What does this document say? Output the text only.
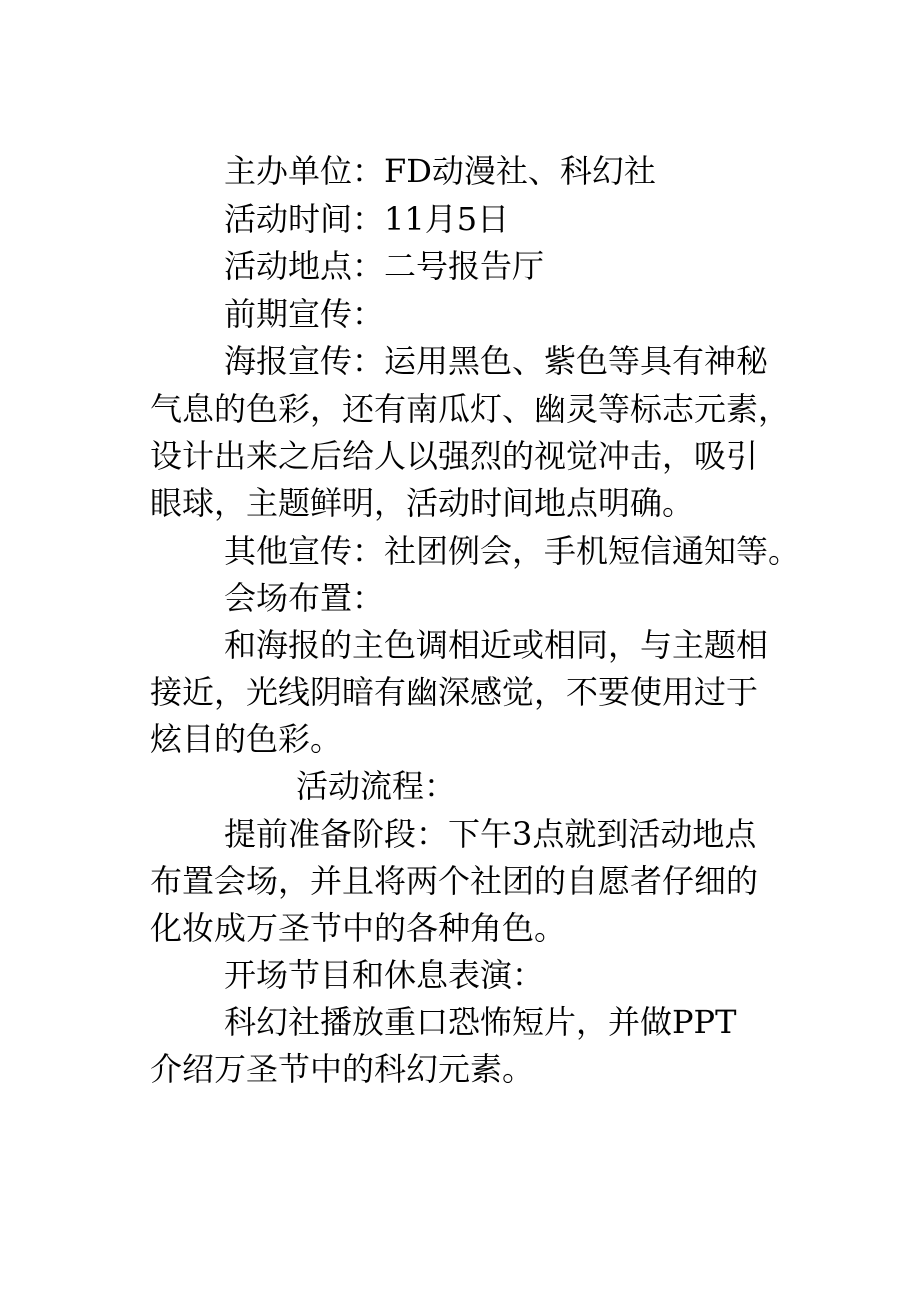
主办单位：FD动漫社、科幻社

活动时间：11月5日

活动地点：二号报告厅

前期宣传：

海报宣传：运用黑色、紫色等具有神秘

气息的色彩，还有南瓜灯、幽灵等标志元素，

设计出来之后给人以强烈的视觉冲击，吸引

眼球，主题鲜明，活动时间地点明确。

其他宣传：社团例会，手机短信通知等。

会场布置：

和海报的主色调相近或相同，与主题相

接近，光线阴暗有幽深感觉，不要使用过于

炫目的色彩。

活动流程：

提前准备阶段：下午3点就到活动地点

布置会场，并且将两个社团的自愿者仔细的

化妆成万圣节中的各种角色。

开场节目和休息表演：

科幻社播放重口恐怖短片，并做PPT

介绍万圣节中的科幻元素。
